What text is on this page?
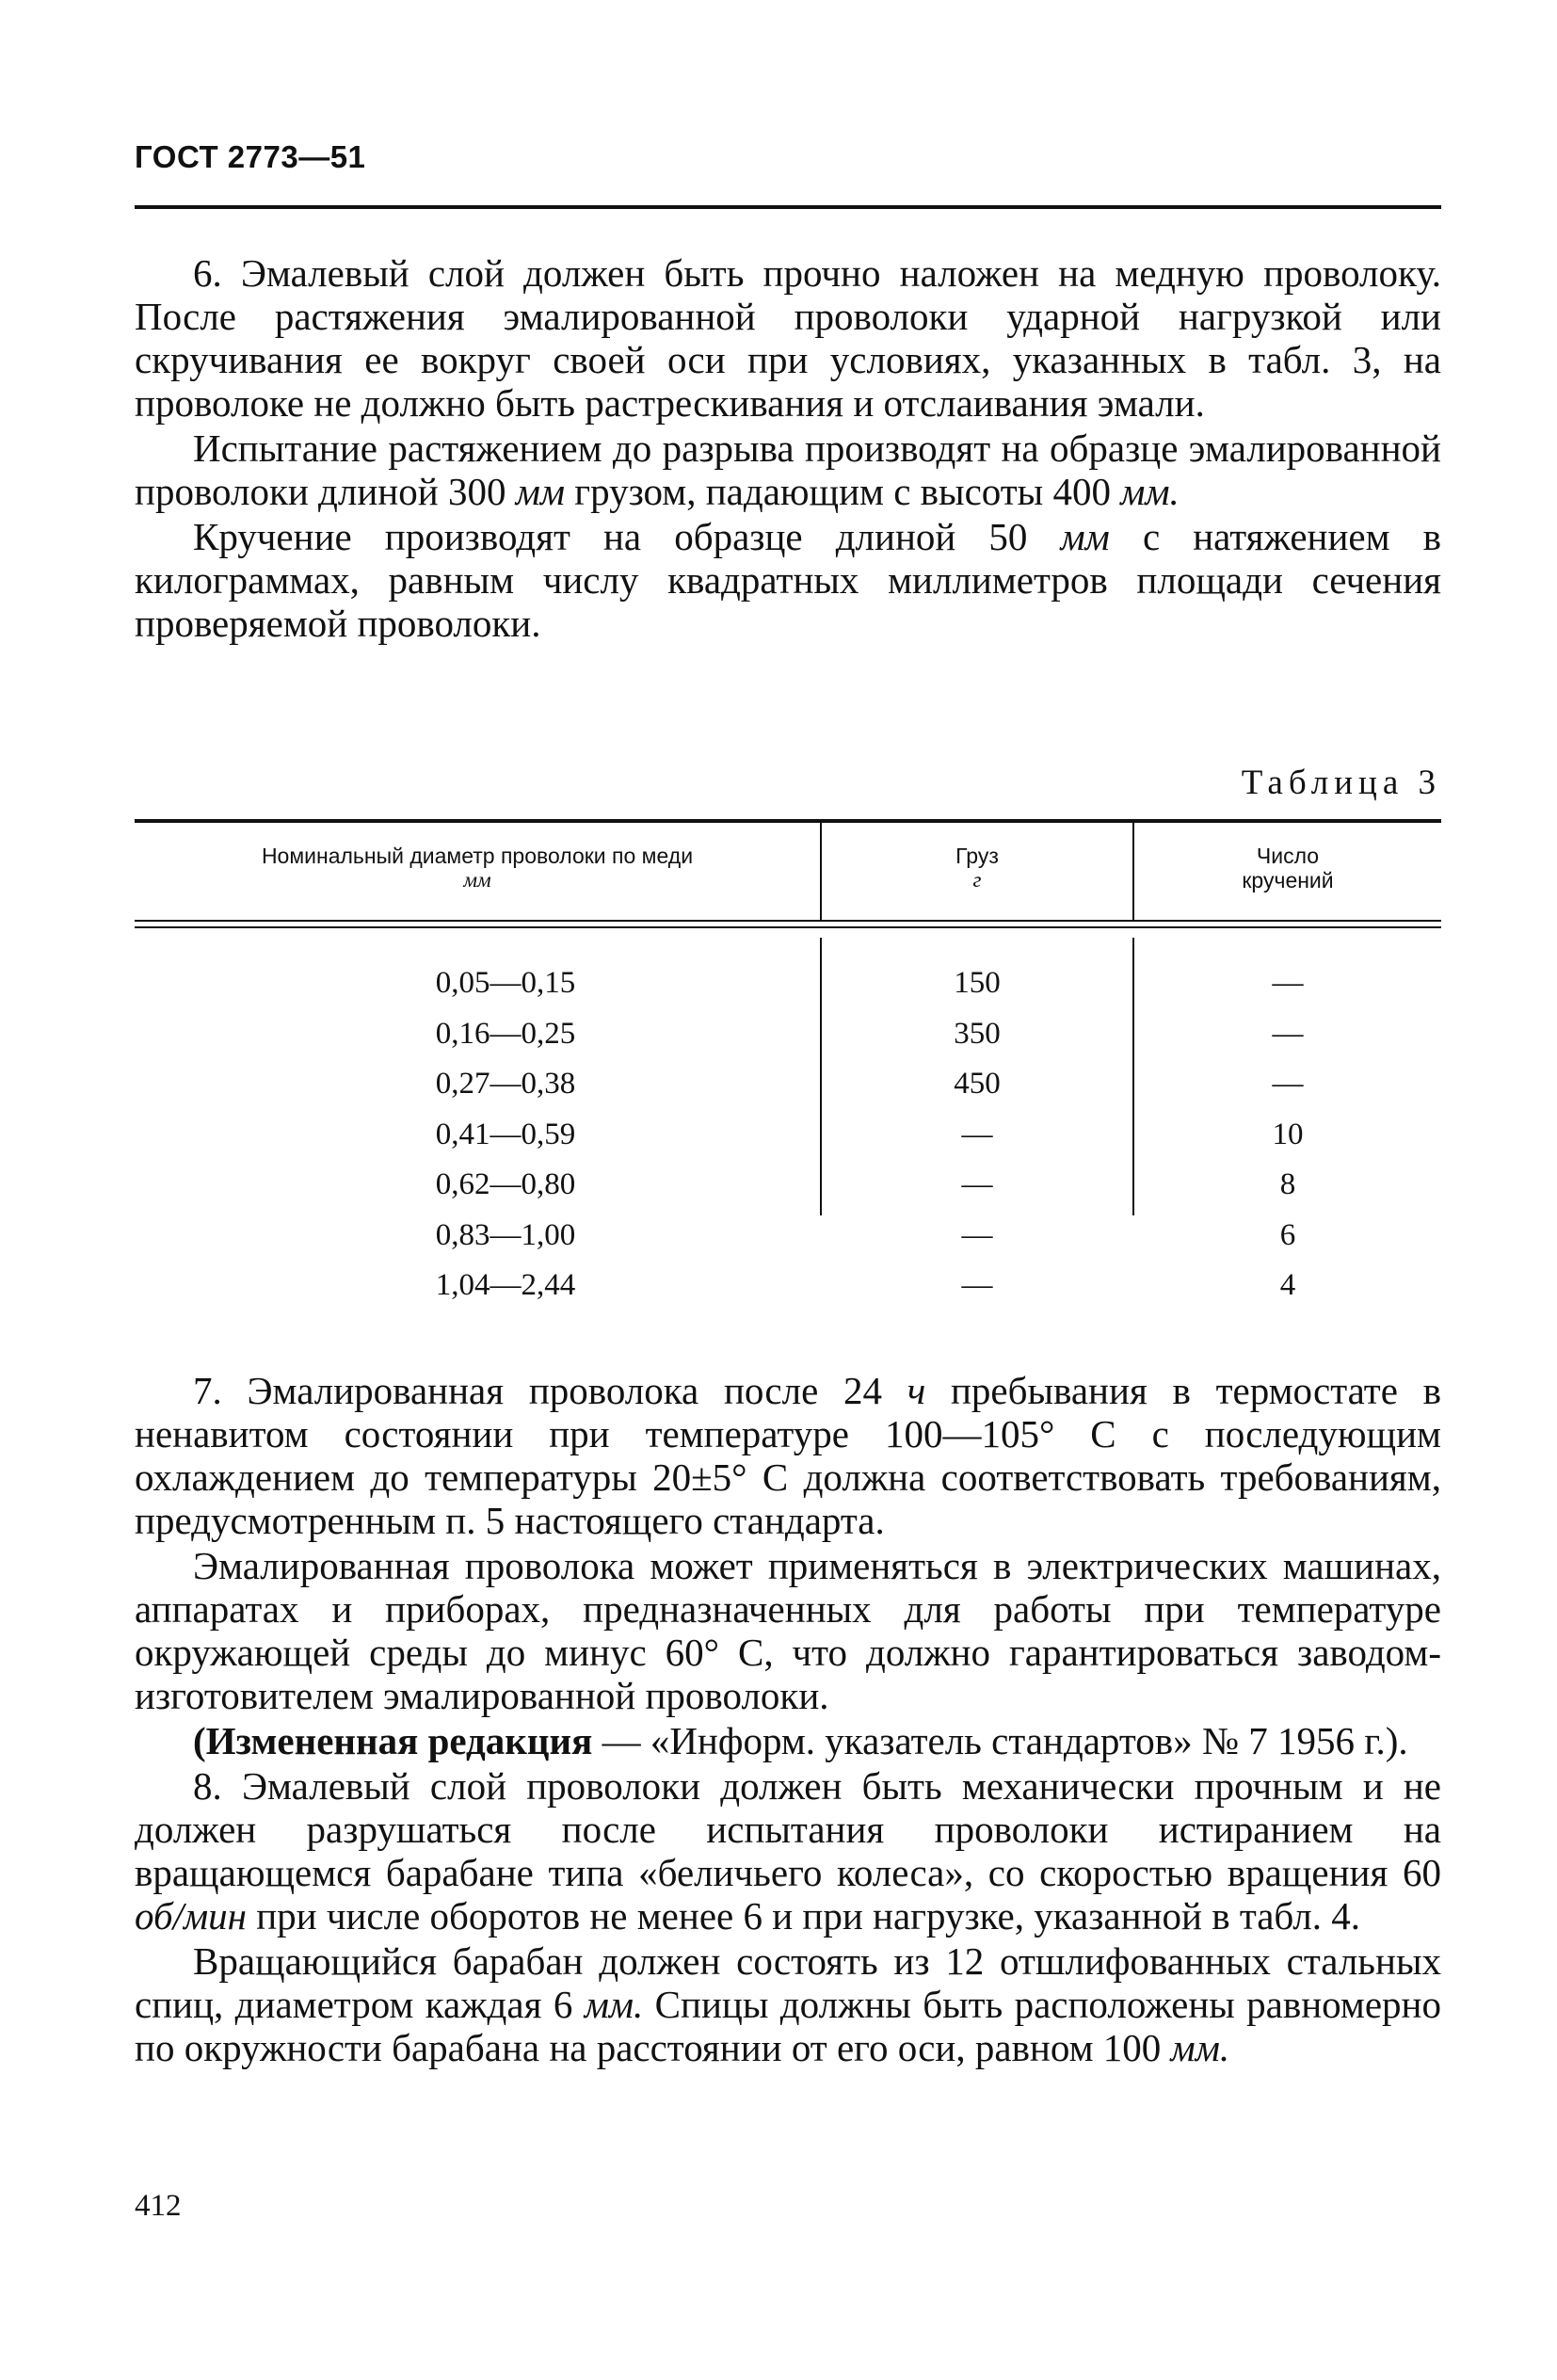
ГОСТ 2773—51

6. Эмалевый слой должен быть прочно наложен на медную проволоку. После растяжения эмалированной проволоки ударной нагрузкой или скручивания ее вокруг своей оси при условиях, указанных в табл. 3, на проволоке не должно быть растрескивания и отслаивания эмали.

Испытание растяжением до разрыва производят на образце эмалированной проволоки длиной 300 мм грузом, падающим с высоты 400 мм.

Кручение производят на образце длиной 50 мм с натяжением в килограммах, равным числу квадратных миллиметров площади сечения проверяемой проволоки.

Таблица 3
Номинальный диаметр проволоки по меди
мм
Груз
г
Число
кручений
0,05—0,15	150	—
0,16—0,25	350	—
0,27—0,38	450	—
0,41—0,59	—	10
0,62—0,80	—	8
0,83—1,00	—	6
1,04—2,44	—	4

7. Эмалированная проволока после 24 ч пребывания в термостате в ненавитом состоянии при температуре 100—105° С с последующим охлаждением до температуры 20±5° С должна соответствовать требованиям, предусмотренным п. 5 настоящего стандарта.

Эмалированная проволока может применяться в электрических машинах, аппаратах и приборах, предназначенных для работы при температуре окружающей среды до минус 60° С, что должно гарантироваться заводом-изготовителем эмалированной проволоки.

(Измененная редакция — «Информ. указатель стандартов» № 7 1956 г.).

8. Эмалевый слой проволоки должен быть механически прочным и не должен разрушаться после испытания проволоки истиранием на вращающемся барабане типа «беличьего колеса», со скоростью вращения 60 об/мин при числе оборотов не менее 6 и при нагрузке, указанной в табл. 4.

Вращающийся барабан должен состоять из 12 отшлифованных стальных спиц, диаметром каждая 6 мм. Спицы должны быть расположены равномерно по окружности барабана на расстоянии от его оси, равном 100 мм.

412
